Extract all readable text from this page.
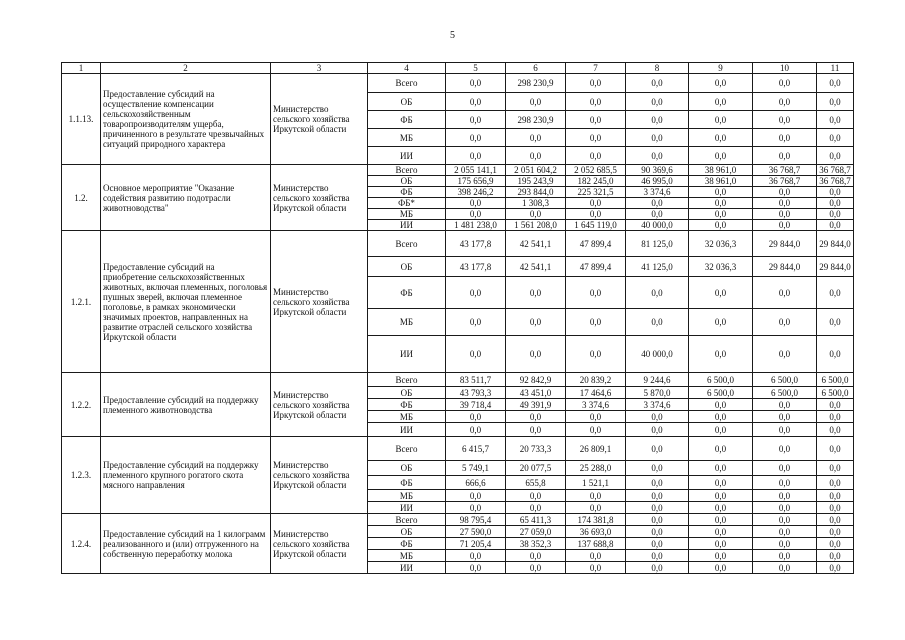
5
1	2	3	4	5	6	7	8	9	10	11
1.1.13.	Предоставление субсидий на осуществление компенсации сельскохозяйственным товаропроизводителям ущерба, причиненного в результате чрезвычайных ситуаций природного характера	Министерство сельского хозяйства Иркутской области	Всего	0,0	298 230,9	0,0	0,0	0,0	0,0	0,0
			ОБ	0,0	0,0	0,0	0,0	0,0	0,0	0,0
			ФБ	0,0	298 230,9	0,0	0,0	0,0	0,0	0,0
			МБ	0,0	0,0	0,0	0,0	0,0	0,0	0,0
			ИИ	0,0	0,0	0,0	0,0	0,0	0,0	0,0
1.2.	Основное мероприятие "Оказание содействия развитию подотрасли животноводства"	Министерство сельского хозяйства Иркутской области	Всего	2 055 141,1	2 051 604,2	2 052 685,5	90 369,6	38 961,0	36 768,7	36 768,7
			ОБ	175 656,9	195 243,9	182 245,0	46 995,0	38 961,0	36 768,7	36 768,7
			ФБ	398 246,2	293 844,0	225 321,5	3 374,6	0,0	0,0	0,0
			ФБ*	0,0	1 308,3	0,0	0,0	0,0	0,0	0,0
			МБ	0,0	0,0	0,0	0,0	0,0	0,0	0,0
			ИИ	1 481 238,0	1 561 208,0	1 645 119,0	40 000,0	0,0	0,0	0,0
1.2.1.	Предоставление субсидий на приобретение сельскохозяйственных животных, включая племенных, поголовья пушных зверей, включая племенное поголовье, в рамках экономически значимых проектов, направленных на развитие отраслей сельского хозяйства Иркутской области	Министерство сельского хозяйства Иркутской области	Всего	43 177,8	42 541,1	47 899,4	81 125,0	32 036,3	29 844,0	29 844,0
			ОБ	43 177,8	42 541,1	47 899,4	41 125,0	32 036,3	29 844,0	29 844,0
			ФБ	0,0	0,0	0,0	0,0	0,0	0,0	0,0
			МБ	0,0	0,0	0,0	0,0	0,0	0,0	0,0
			ИИ	0,0	0,0	0,0	40 000,0	0,0	0,0	0,0
1.2.2.	Предоставление субсидий на поддержку племенного животноводства	Министерство сельского хозяйства Иркутской области	Всего	83 511,7	92 842,9	20 839,2	9 244,6	6 500,0	6 500,0	6 500,0
			ОБ	43 793,3	43 451,0	17 464,6	5 870,0	6 500,0	6 500,0	6 500,0
			ФБ	39 718,4	49 391,9	3 374,6	3 374,6	0,0	0,0	0,0
			МБ	0,0	0,0	0,0	0,0	0,0	0,0	0,0
			ИИ	0,0	0,0	0,0	0,0	0,0	0,0	0,0
1.2.3.	Предоставление субсидий на поддержку племенного крупного рогатого скота мясного направления	Министерство сельского хозяйства Иркутской области	Всего	6 415,7	20 733,3	26 809,1	0,0	0,0	0,0	0,0
			ОБ	5 749,1	20 077,5	25 288,0	0,0	0,0	0,0	0,0
			ФБ	666,6	655,8	1 521,1	0,0	0,0	0,0	0,0
			МБ	0,0	0,0	0,0	0,0	0,0	0,0	0,0
			ИИ	0,0	0,0	0,0	0,0	0,0	0,0	0,0
1.2.4.	Предоставление субсидий на 1 килограмм реализованного и (или) отгруженного на собственную переработку молока	Министерство сельского хозяйства Иркутской области	Всего	98 795,4	65 411,3	174 381,8	0,0	0,0	0,0	0,0
			ОБ	27 590,0	27 059,0	36 693,0	0,0	0,0	0,0	0,0
			ФБ	71 205,4	38 352,3	137 688,8	0,0	0,0	0,0	0,0
			МБ	0,0	0,0	0,0	0,0	0,0	0,0	0,0
			ИИ	0,0	0,0	0,0	0,0	0,0	0,0	0,0
